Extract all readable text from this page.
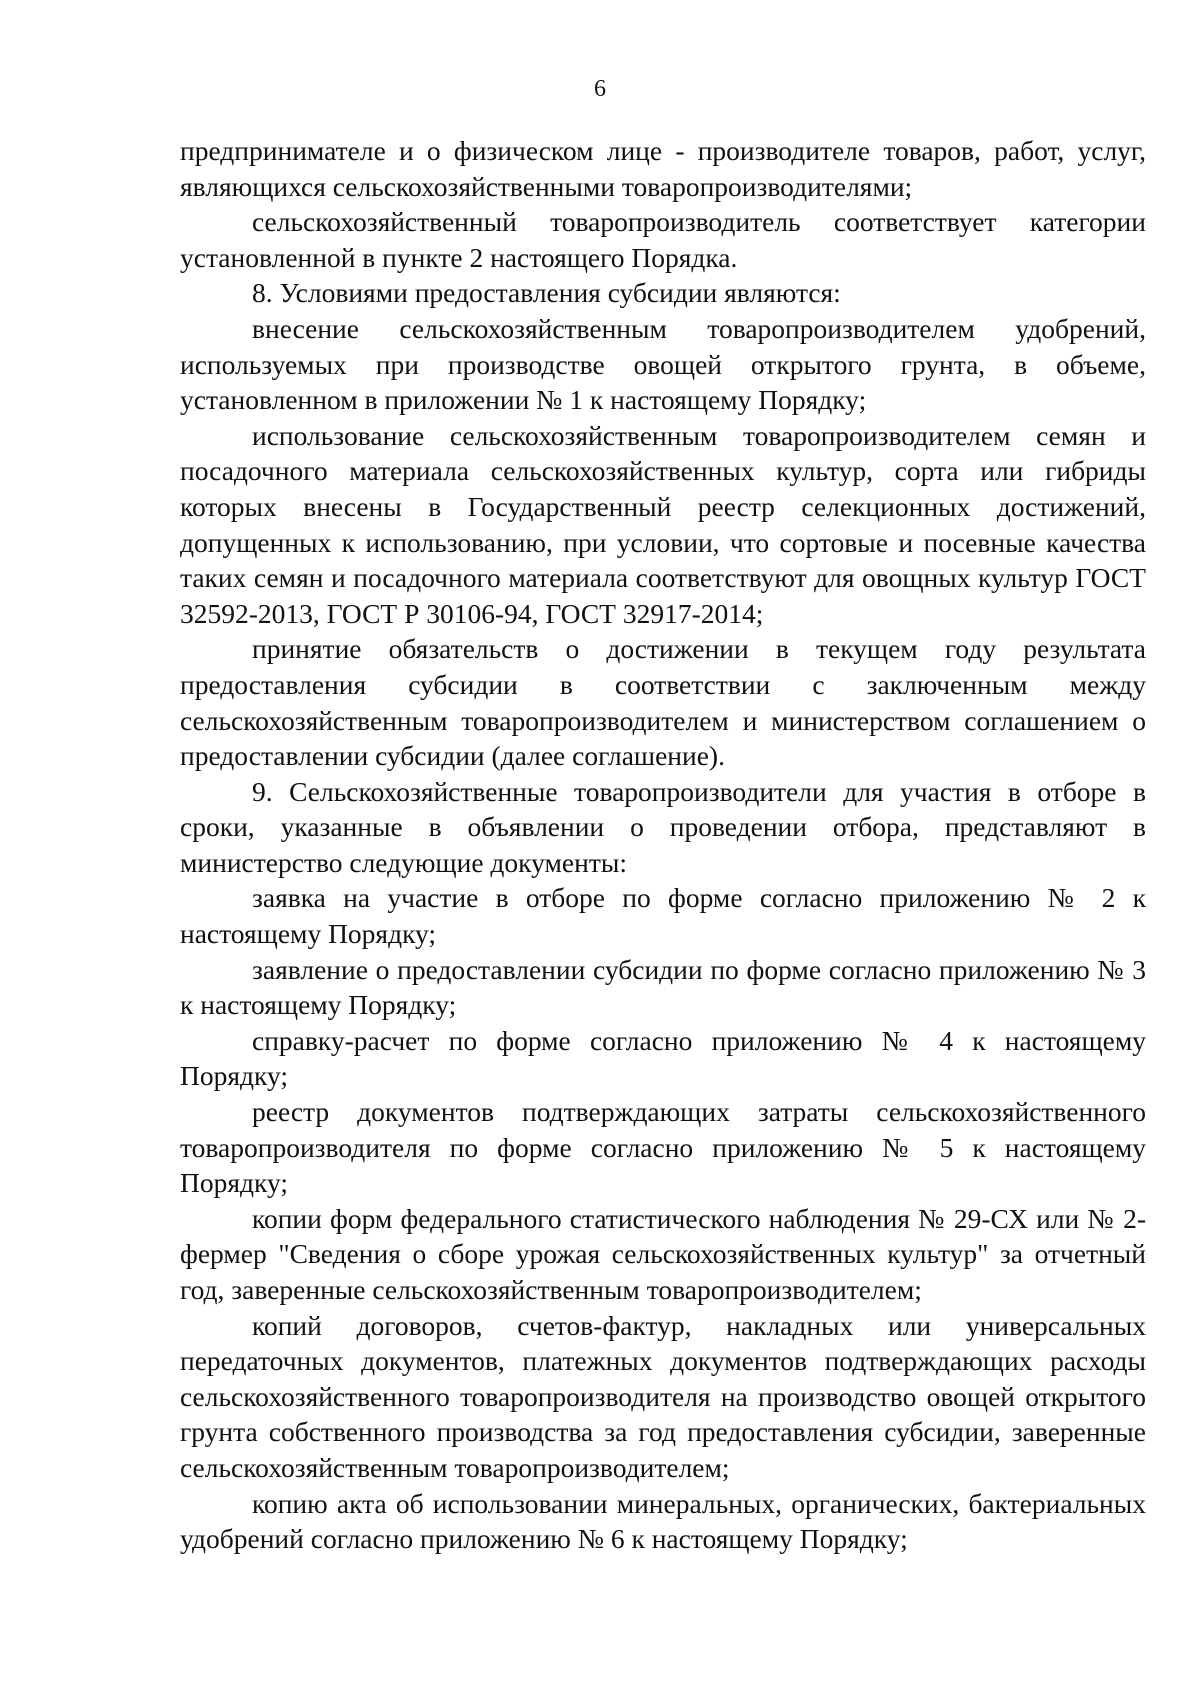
6

предпринимателе и о физическом лице - производителе товаров, работ, услуг, являющихся сельскохозяйственными товаропроизводителями;

сельскохозяйственный товаропроизводитель соответствует категории установленной в пункте 2 настоящего Порядка.

8. Условиями предоставления субсидии являются:

внесение сельскохозяйственным товаропроизводителем удобрений, используемых при производстве овощей открытого грунта, в объеме, установленном в приложении № 1 к настоящему Порядку;

использование сельскохозяйственным товаропроизводителем семян и посадочного материала сельскохозяйственных культур, сорта или гибриды которых внесены в Государственный реестр селекционных достижений, допущенных к использованию, при условии, что сортовые и посевные качества таких семян и посадочного материала соответствуют для овощных культур ГОСТ 32592-2013, ГОСТ Р 30106-94, ГОСТ 32917-2014;

принятие обязательств о достижении в текущем году результата предоставления субсидии в соответствии с заключенным между сельскохозяйственным товаропроизводителем и министерством соглашением о предоставлении субсидии (далее соглашение).

9. Сельскохозяйственные товаропроизводители для участия в отборе в сроки, указанные в объявлении о проведении отбора, представляют в министерство следующие документы:

заявка на участие в отборе по форме согласно приложению № 2 к настоящему Порядку;

заявление о предоставлении субсидии по форме согласно приложению № 3 к настоящему Порядку;

справку-расчет по форме согласно приложению № 4 к настоящему Порядку;

реестр документов подтверждающих затраты сельскохозяйственного товаропроизводителя по форме согласно приложению № 5 к настоящему Порядку;

копии форм федерального статистического наблюдения № 29-СХ или № 2-фермер "Сведения о сборе урожая сельскохозяйственных культур" за отчетный год, заверенные сельскохозяйственным товаропроизводителем;

копий договоров, счетов-фактур, накладных или универсальных передаточных документов, платежных документов подтверждающих расходы сельскохозяйственного товаропроизводителя на производство овощей открытого грунта собственного производства за год предоставления субсидии, заверенные сельскохозяйственным товаропроизводителем;

копию акта об использовании минеральных, органических, бактериальных удобрений согласно приложению № 6 к настоящему Порядку;
